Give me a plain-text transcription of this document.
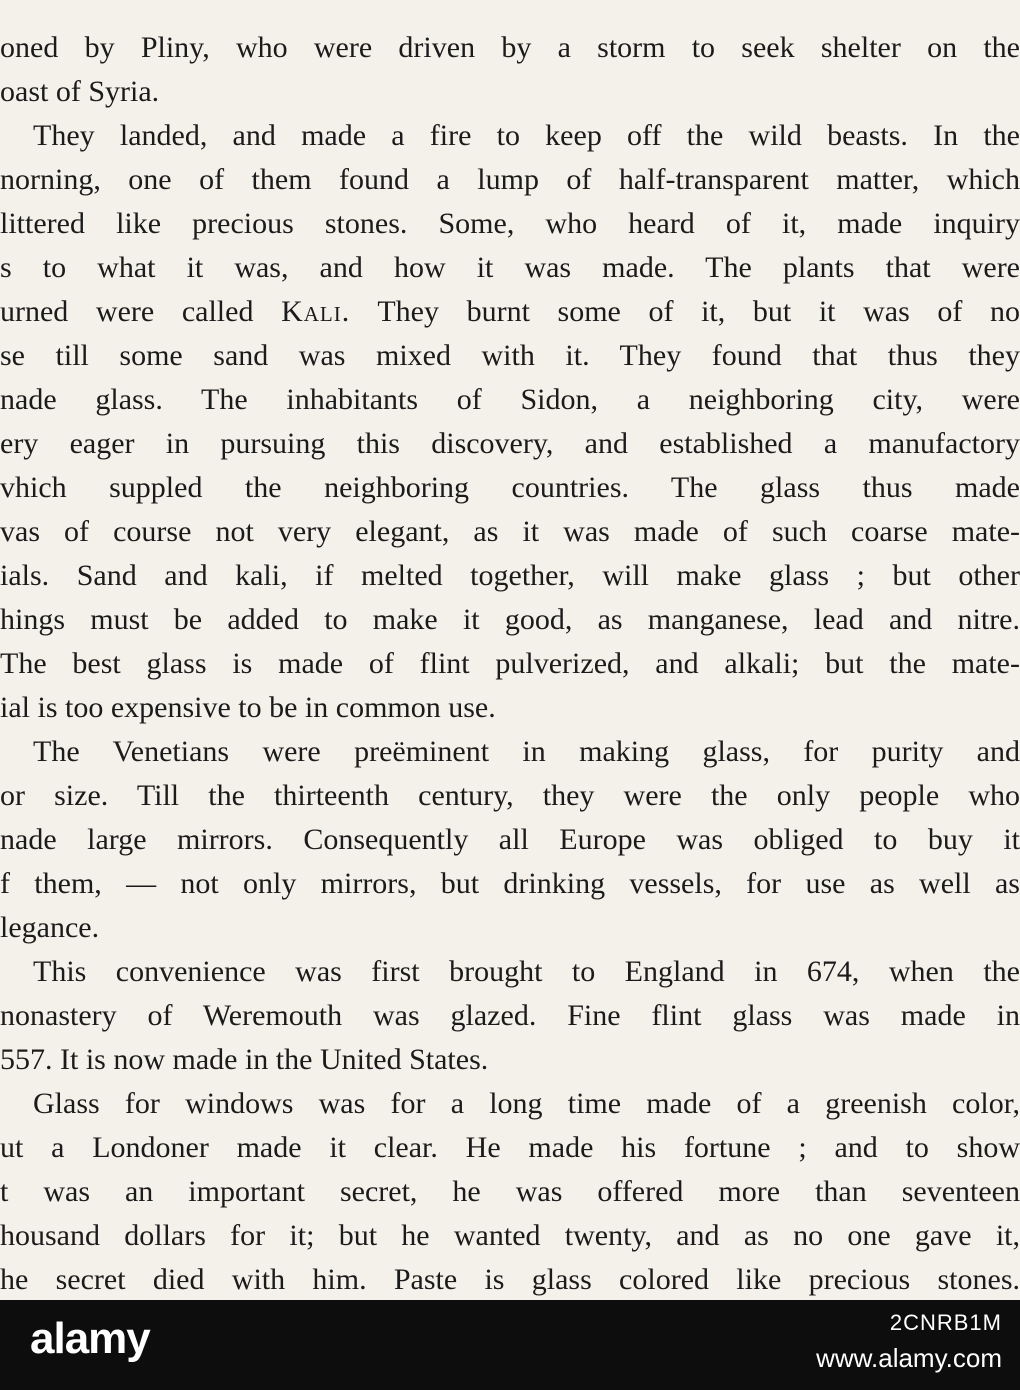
oned by Pliny, who were driven by a storm to seek shelter on the
oast of Syria.
They landed, and made a fire to keep off the wild beasts. In the
norning, one of them found a lump of half-transparent matter, which
littered like precious stones. Some, who heard of it, made inquiry
s to what it was, and how it was made. The plants that were
urned were called Kali. They burnt some of it, but it was of no
se till some sand was mixed with it. They found that thus they
nade glass. The inhabitants of Sidon, a neighboring city, were
ery eager in pursuing this discovery, and established a manufactory
vhich suppled the neighboring countries. The glass thus made
vas of course not very elegant, as it was made of such coarse mate-
ials. Sand and kali, if melted together, will make glass ; but other
hings must be added to make it good, as manganese, lead and nitre.
The best glass is made of flint pulverized, and alkali; but the mate-
ial is too expensive to be in common use.
The Venetians were preëminent in making glass, for purity and
or size. Till the thirteenth century, they were the only people who
nade large mirrors. Consequently all Europe was obliged to buy it
f them, — not only mirrors, but drinking vessels, for use as well as
legance.
This convenience was first brought to England in 674, when the
nonastery of Weremouth was glazed. Fine flint glass was made in
557. It is now made in the United States.
Glass for windows was for a long time made of a greenish color,
ut a Londoner made it clear. He made his fortune ; and to show
t was an important secret, he was offered more than seventeen
housand dollars for it; but he wanted twenty, and as no one gave it,
he secret died with him. Paste is glass colored like precious stones.
alamy	2CNRB1M
www.alamy.com
